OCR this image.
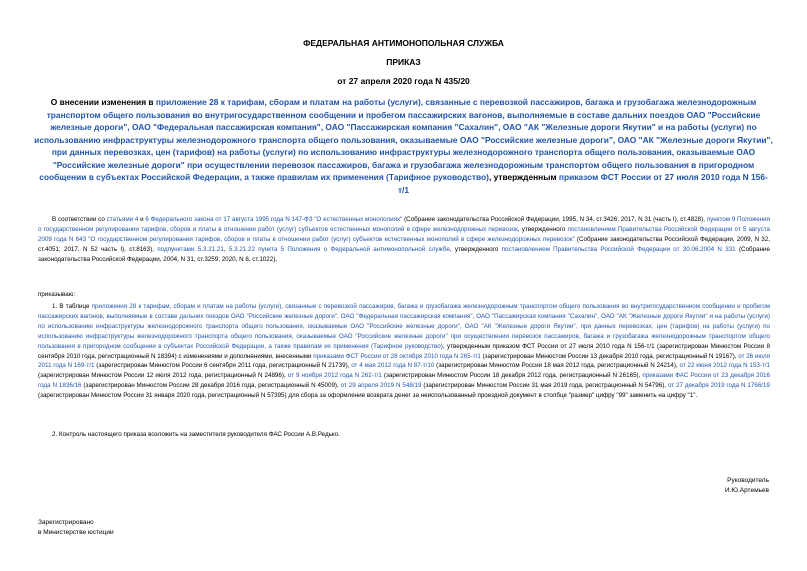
ФЕДЕРАЛЬНАЯ АНТИМОНОПОЛЬНАЯ СЛУЖБА
ПРИКАЗ
от 27 апреля 2020 года N 435/20
О внесении изменения в приложение 28 к тарифам, сборам и платам на работы (услуги), связанные с перевозкой пассажиров, багажа и грузобагажа железнодорожным транспортом общего пользования во внутригосударственном сообщении и пробегом пассажирских вагонов, выполняемые в составе дальних поездов ОАО "Российские железные дороги", ОАО "Федеральная пассажирская компания", ОАО "Пассажирская компания "Сахалин", ОАО "АК "Железные дороги Якутии" и на работы (услуги) по использованию инфраструктуры железнодорожного транспорта общего пользования, оказываемые ОАО "Российские железные дороги", ОАО "АК "Железные дороги Якутии", при данных перевозках, цен (тарифов) на работы (услуги) по использованию инфраструктуры железнодорожного транспорта общего пользования, оказываемые ОАО "Российские железные дороги" при осуществлении перевозок пассажиров, багажа и грузобагажа железнодорожным транспортом общего пользования в пригородном сообщении в субъектах Российской Федерации, а также правилам их применения (Тарифное руководство), утвержденным приказом ФСТ России от 27 июля 2010 года N 156-т/1
В соответствии со статьями 4 и 6 Федерального закона от 17 августа 1995 года N 147-ФЗ "О естественных монополиях" (Собрание законодательства Российской Федерации, 1995, N 34, ст.3426; 2017, N 31 (часть I), ст.4828), пунктом 9 Положения о государственном регулировании тарифов, сборов и платы в отношении работ (услуг) субъектов естественных монополий в сфере железнодорожных перевозок, утвержденного постановлением Правительства Российской Федерации от 5 августа 2009 года N 643 "О государственном регулировании тарифов, сборов и платы в отношении работ (услуг) субъектов естественных монополий в сфере железнодорожных перевозок" (Собрание законодательства Российской Федерации, 2009, N 32, ст.4051; 2017, N 52 часть I), ст.8163), подпунктами 5.3.21.21, 5.3.21.22 пункта 5 Положения о Федеральной антимонопольной службе, утвержденного постановлением Правительства Российской Федерации от 30.06.2004 N 331 (Собрание законодательства Российской Федерации, 2004, N 31, ст.3259; 2020, N 8, ст.1022),
приказываю:
1. В таблице приложения 28 к тарифам, сборам и платам на работы (услуги), связанные с перевозкой пассажиров, багажа и грузобагажа железнодорожным транспортом общего пользования во внутригосударственном сообщении и пробегом пассажирских вагонов, выполняемые в составе дальних поездов ОАО "Российские железные дороги", ОАО "Федеральная пассажирская компания", ОАО "Пассажирская компания "Сахалин", ОАО "АК "Железные дороги Якутии" и на работы (услуги) по использованию инфраструктуры железнодорожного транспорта общего пользования, оказываемые ОАО "Российские железные дороги", ОАО "АК "Железные дороги Якутии", при данных перевозках, цен (тарифов) на работы (услуги) по использованию инфраструктуры железнодорожного транспорта общего пользования, оказываемые ОАО "Российские железные дороги" при осуществлении перевозок пассажиров, багажа и грузобагажа железнодорожным транспортом общего пользования в пригородном сообщении в субъектах Российской Федерации, а также правилам их применения (Тарифное руководство), утвержденным приказом ФСТ России от 27 июля 2010 года N 156-т/1 (зарегистрирован Минюстом России 8 сентября 2010 года, регистрационный N 18394) с изменениями и дополнениями, внесенными приказами ФСТ России от 28 октября 2010 года N 265-т/1 (зарегистрирован Минюстом России 13 декабря 2010 года, регистрационный N 19167), от 26 июля 2011 года N 169-т/1 (зарегистрирован Минюстом России 6 сентября 2011 года, регистрационный N 21739), от 4 мая 2012 года N 87-т/10 (зарегистрирован Минюстом России 18 мая 2012 года, регистрационный N 24214), от 22 июня 2012 года N 153-т/1 (зарегистрирован Минюстом России 12 июля 2012 года, регистрационный N 24896), от 9 ноября 2012 года N 262-т/1 (зарегистрирован Минюстом России 18 декабря 2012 года, регистрационный N 26165), приказами ФАС России от 23 декабря 2016 года N 1836/16 (зарегистрирован Минюстом России 28 декабря 2016 года, регистрационный N 45009), от 29 апреля 2019 N 548/19 (зарегистрирован Минюстом России 31 мая 2019 года, регистрационный N 54796), от 27 декабря 2019 года N 1766/19 (зарегистрирован Минюстом России 31 января 2020 года, регистрационный N 57395) для сбора за оформление возврата денег за неиспользованный проездной документ в столбце "размер" цифру "99" заменить на цифру "1".
2. Контроль настоящего приказа возложить на заместителя руководителя ФАС России А.В.Редько.
Руководитель
И.Ю.Артемьев
Зарегистрировано
в Министерстве юстиции
